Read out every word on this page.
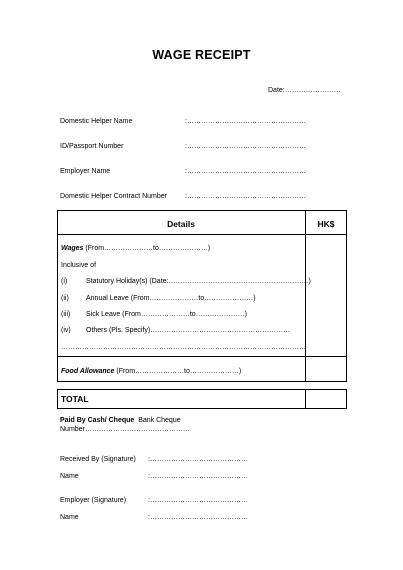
WAGE RECEIPT
Date:……………………
Domestic Helper Name	:……………………………………………
ID/Passport Number	:……………………………………………
Employer Name	:……………………………………………
Domestic Helper Contract Number	:……………………………………………
Details	HK$
Wages (From…………………to…………………)
Inclusive of
(i)	Statutory Holiday(s) (Date:……………………………………………………)
(ii) Annual Leave (From…………………to…………………)
(iii) Sick Leave (From…………………to…………………)
(iv) Others (Pls. Specify)……………………………………………………
……………………………………………………………………………………………
Food Allowance (From…………………to…………………)
TOTAL
Paid By Cash/ Cheque Bank Cheque
Number………………………………………
Received By (Signature) :……………………………………
Name	:……………………………………
Employer (Signature)	:……………………………………
Name	:……………………………………
